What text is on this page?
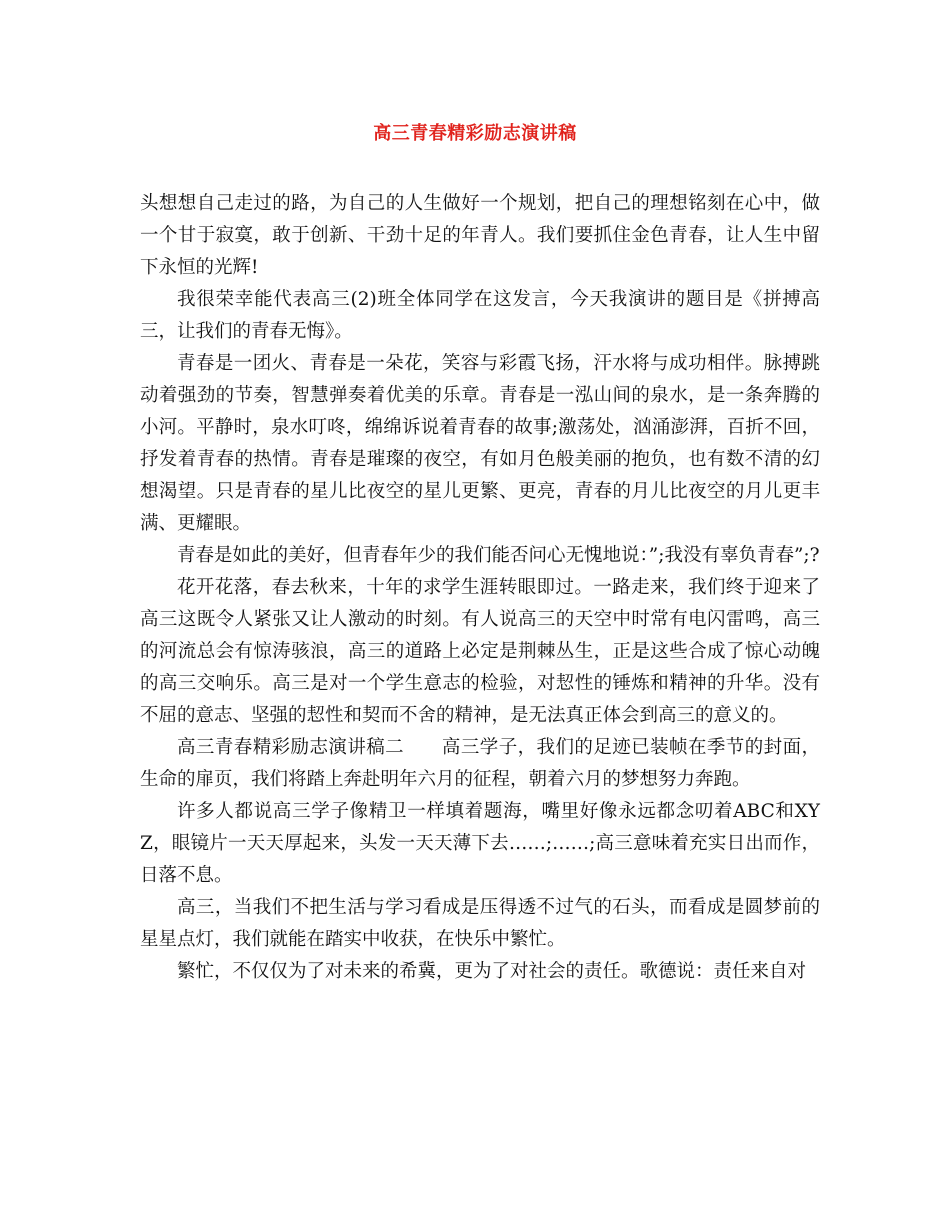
高三青春精彩励志演讲稿

头想想自己走过的路，为自己的人生做好一个规划，把自己的理想铭刻在心中，做一个甘于寂寞，敢于创新、干劲十足的年青人。我们要抓住金色青春，让人生中留下永恒的光辉!

我很荣幸能代表高三(2)班全体同学在这发言，今天我演讲的题目是《拼搏高三，让我们的青春无悔》。

青春是一团火、青春是一朵花，笑容与彩霞飞扬，汗水将与成功相伴。脉搏跳动着强劲的节奏，智慧弹奏着优美的乐章。青春是一泓山间的泉水，是一条奔腾的小河。平静时，泉水叮咚，绵绵诉说着青春的故事;激荡处，汹涌澎湃，百折不回，抒发着青春的热情。青春是璀璨的夜空，有如月色般美丽的抱负，也有数不清的幻想渴望。只是青春的星儿比夜空的星儿更繁、更亮，青春的月儿比夜空的月儿更丰满、更耀眼。

青春是如此的美好，但青春年少的我们能否问心无愧地说：”;我没有辜负青春”;?

花开花落，春去秋来，十年的求学生涯转眼即过。一路走来，我们终于迎来了高三这既令人紧张又让人激动的时刻。有人说高三的天空中时常有电闪雷鸣，高三的河流总会有惊涛骇浪，高三的道路上必定是荆棘丛生，正是这些合成了惊心动魄的高三交响乐。高三是对一个学生意志的检验，对恝性的锤炼和精神的升华。没有不屈的意志、坚强的恝性和契而不舍的精神，是无法真正体会到高三的意义的。

高三青春精彩励志演讲稿二　　高三学子，我们的足迹已装帧在季节的封面，生命的扉页，我们将踏上奔赴明年六月的征程，朝着六月的梦想努力奔跑。

许多人都说高三学子像精卫一样填着题海，嘴里好像永远都念叨着ABC和XYZ，眼镜片一天天厚起来，头发一天天薄下去……;……;高三意味着充实日出而作，日落不息。

高三，当我们不把生活与学习看成是压得透不过气的石头，而看成是圆梦前的星星点灯，我们就能在踏实中收获，在快乐中繁忙。

繁忙，不仅仅为了对未来的希冀，更为了对社会的责任。歌德说：责任来自对
